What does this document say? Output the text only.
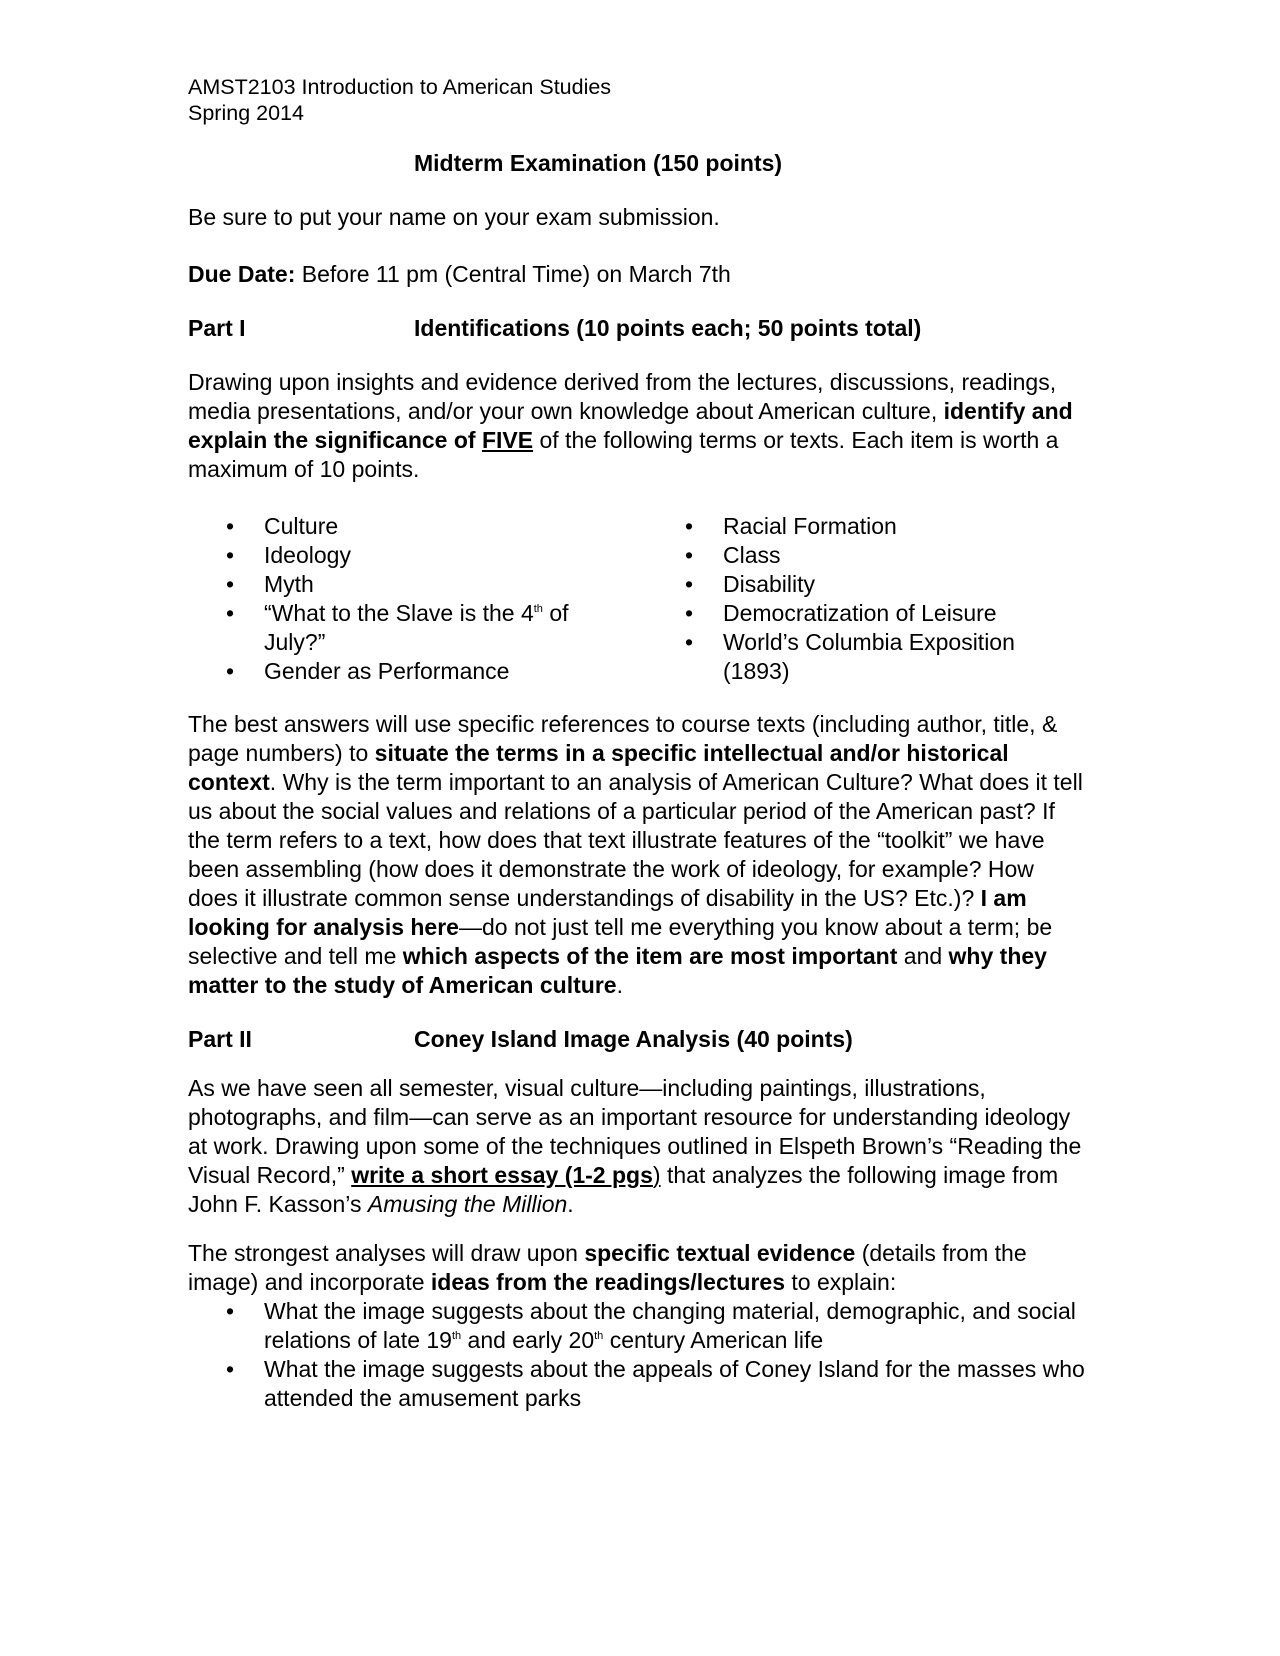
AMST2103 Introduction to American Studies
Spring 2014
Midterm Examination (150 points)

Be sure to put your name on your exam submission.

Due Date: Before 11 pm (Central Time) on March 7th

Part I	Identifications (10 points each; 50 points total)

Drawing upon insights and evidence derived from the lectures, discussions, readings, media presentations, and/or your own knowledge about American culture, identify and explain the significance of FIVE of the following terms or texts. Each item is worth a maximum of 10 points.

• Culture
• Ideology
• Myth
• “What to the Slave is the 4th of July?”
• Gender as Performance
• Racial Formation
• Class
• Disability
• Democratization of Leisure
• World’s Columbia Exposition (1893)

The best answers will use specific references to course texts (including author, title, & page numbers) to situate the terms in a specific intellectual and/or historical context. Why is the term important to an analysis of American Culture? What does it tell us about the social values and relations of a particular period of the American past? If the term refers to a text, how does that text illustrate features of the “toolkit” we have been assembling (how does it demonstrate the work of ideology, for example? How does it illustrate common sense understandings of disability in the US? Etc.)? I am looking for analysis here—do not just tell me everything you know about a term; be selective and tell me which aspects of the item are most important and why they matter to the study of American culture.

Part II	Coney Island Image Analysis (40 points)

As we have seen all semester, visual culture—including paintings, illustrations, photographs, and film—can serve as an important resource for understanding ideology at work. Drawing upon some of the techniques outlined in Elspeth Brown’s “Reading the Visual Record,” write a short essay (1-2 pgs) that analyzes the following image from John F. Kasson’s Amusing the Million.

The strongest analyses will draw upon specific textual evidence (details from the image) and incorporate ideas from the readings/lectures to explain:

• What the image suggests about the changing material, demographic, and social relations of late 19th and early 20th century American life
• What the image suggests about the appeals of Coney Island for the masses who attended the amusement parks
